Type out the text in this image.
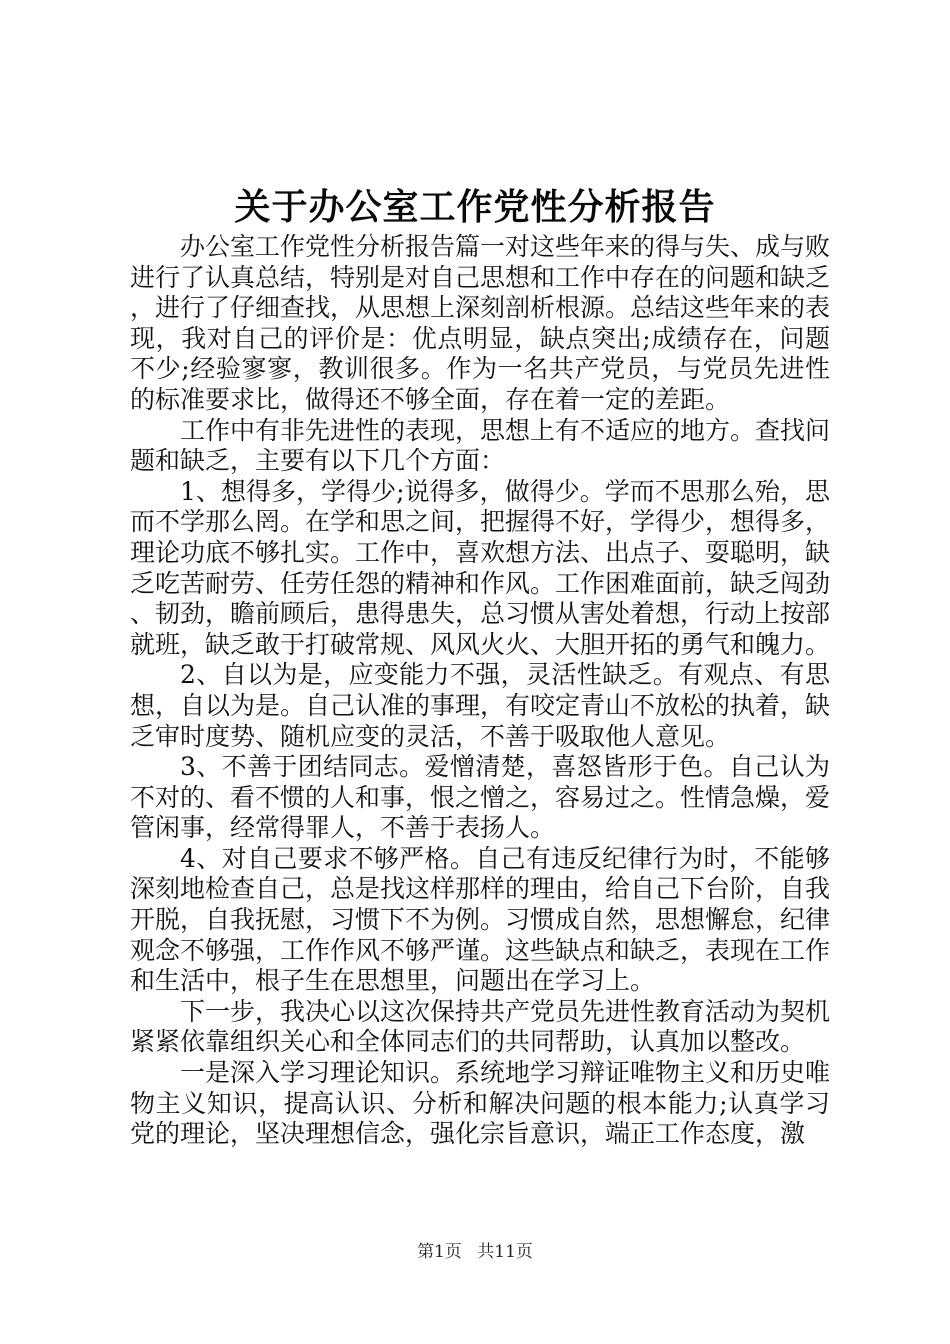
关于办公室工作党性分析报告

办公室工作党性分析报告篇一对这些年来的得与失、成与败进行了认真总结，特别是对自己思想和工作中存在的问题和缺乏，进行了仔细查找，从思想上深刻剖析根源。总结这些年来的表现，我对自己的评价是：优点明显，缺点突出;成绩存在，问题不少;经验寥寥，教训很多。作为一名共产党员，与党员先进性的标准要求比，做得还不够全面，存在着一定的差距。

工作中有非先进性的表现，思想上有不适应的地方。查找问题和缺乏，主要有以下几个方面：

1、想得多，学得少;说得多，做得少。学而不思那么殆，思而不学那么罔。在学和思之间，把握得不好，学得少，想得多，理论功底不够扎实。工作中，喜欢想方法、出点子、耍聪明，缺乏吃苦耐劳、任劳任怨的精神和作风。工作困难面前，缺乏闯劲、韧劲，瞻前顾后，患得患失，总习惯从害处着想，行动上按部就班，缺乏敢于打破常规、风风火火、大胆开拓的勇气和魄力。

2、自以为是，应变能力不强，灵活性缺乏。有观点、有思想，自以为是。自己认准的事理，有咬定青山不放松的执着，缺乏审时度势、随机应变的灵活，不善于吸取他人意见。

3、不善于团结同志。爱憎清楚，喜怒皆形于色。自己认为不对的、看不惯的人和事，恨之憎之，容易过之。性情急燥，爱管闲事，经常得罪人，不善于表扬人。

4、对自己要求不够严格。自己有违反纪律行为时，不能够深刻地检查自己，总是找这样那样的理由，给自己下台阶，自我开脱，自我抚慰，习惯下不为例。习惯成自然，思想懈怠，纪律观念不够强，工作作风不够严谨。这些缺点和缺乏，表现在工作和生活中，根子生在思想里，问题出在学习上。

下一步，我决心以这次保持共产党员先进性教育活动为契机紧紧依靠组织关心和全体同志们的共同帮助，认真加以整改。

一是深入学习理论知识。系统地学习辩证唯物主义和历史唯物主义知识，提高认识、分析和解决问题的根本能力;认真学习党的理论，坚决理想信念，强化宗旨意识，端正工作态度，激

第1页 共11页
